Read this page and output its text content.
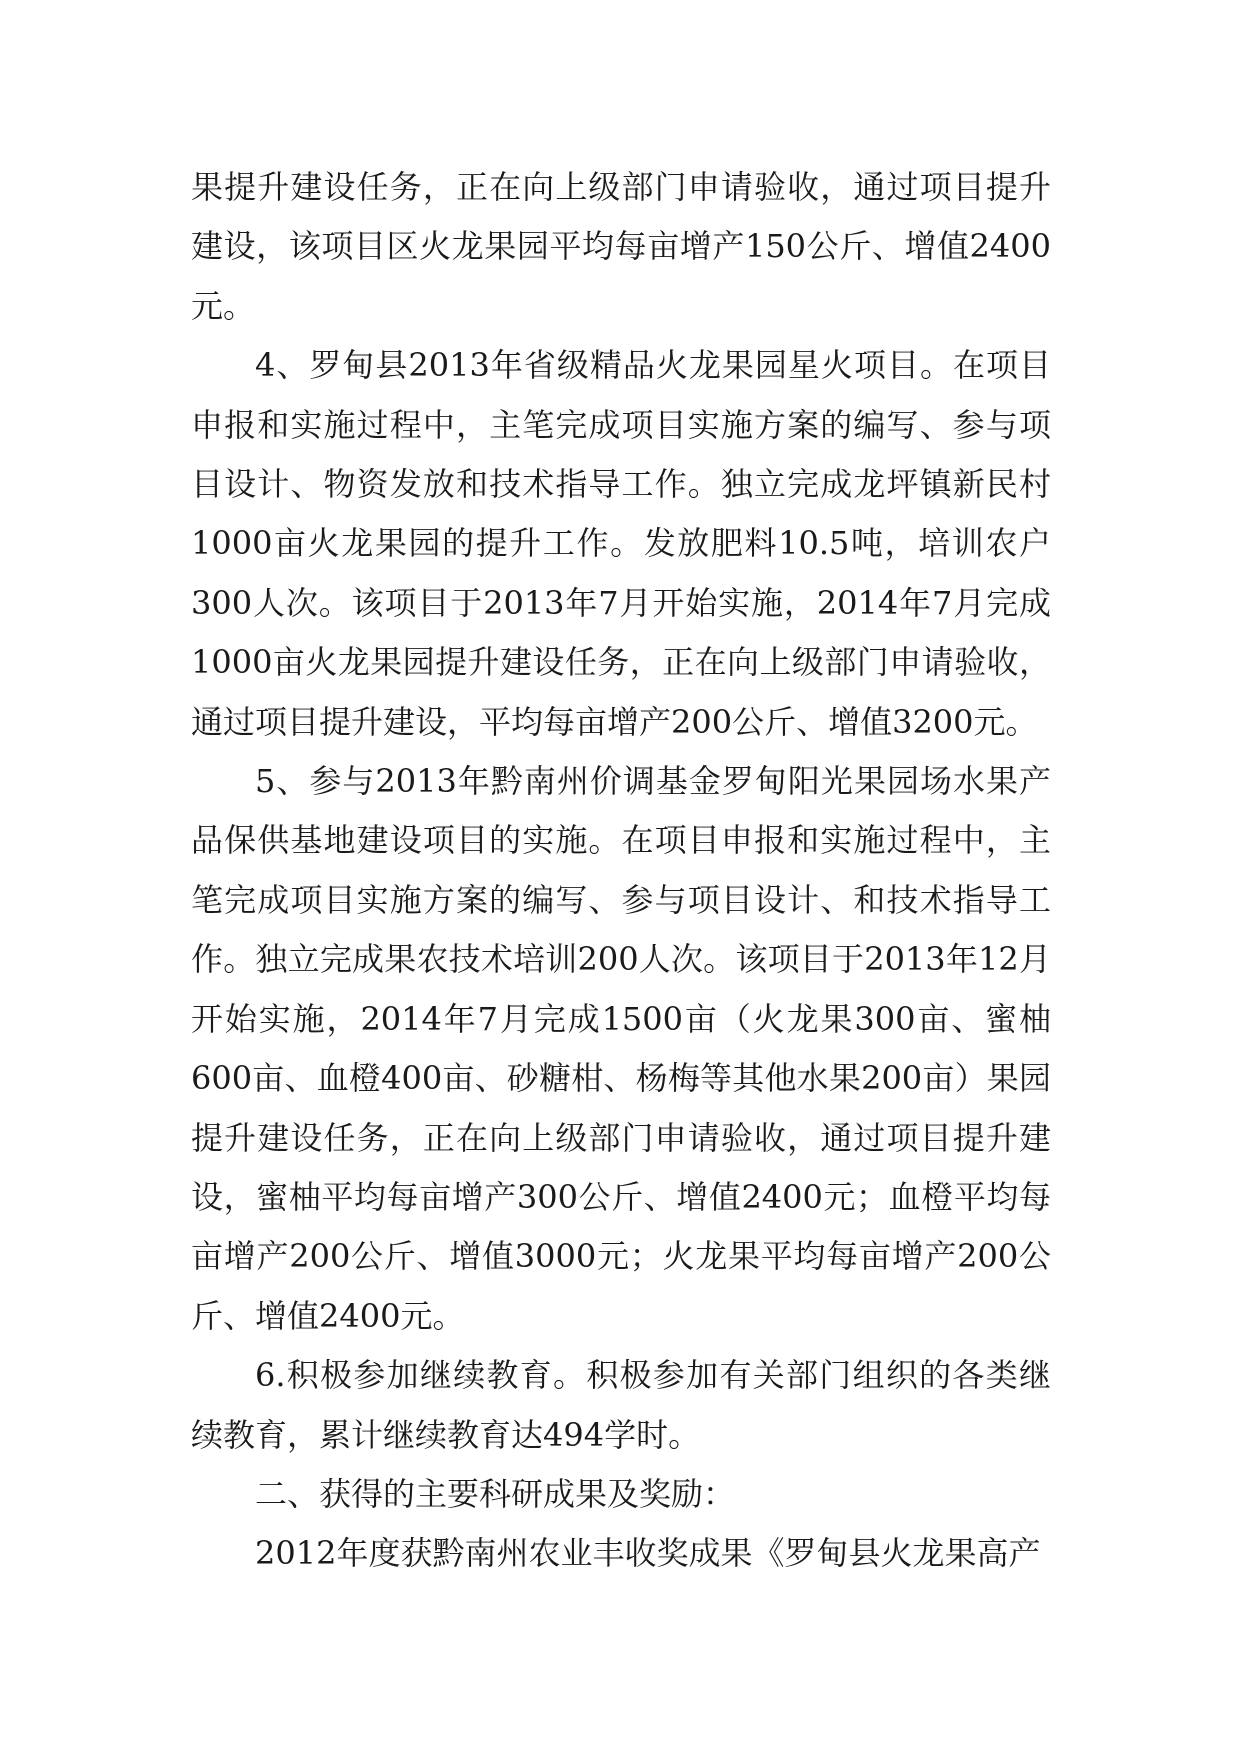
果提升建设任务，正在向上级部门申请验收，通过项目提升建设，该项目区火龙果园平均每亩增产150公斤、增值2400元。

4、罗甸县2013年省级精品火龙果园星火项目。在项目申报和实施过程中，主笔完成项目实施方案的编写、参与项目设计、物资发放和技术指导工作。独立完成龙坪镇新民村1000亩火龙果园的提升工作。发放肥料10.5吨，培训农户300人次。该项目于2013年7月开始实施，2014年7月完成1000亩火龙果园提升建设任务，正在向上级部门申请验收，通过项目提升建设，平均每亩增产200公斤、增值3200元。

5、参与2013年黔南州价调基金罗甸阳光果园场水果产品保供基地建设项目的实施。在项目申报和实施过程中，主笔完成项目实施方案的编写、参与项目设计、和技术指导工作。独立完成果农技术培训200人次。该项目于2013年12月开始实施，2014年7月完成1500亩（火龙果300亩、蜜柚600亩、血橙400亩、砂糖柑、杨梅等其他水果200亩）果园提升建设任务，正在向上级部门申请验收，通过项目提升建设，蜜柚平均每亩增产300公斤、增值2400元；血橙平均每亩增产200公斤、增值3000元；火龙果平均每亩增产200公斤、增值2400元。

6.积极参加继续教育。积极参加有关部门组织的各类继续教育，累计继续教育达494学时。

二、获得的主要科研成果及奖励：

2012年度获黔南州农业丰收奖成果《罗甸县火龙果高产
